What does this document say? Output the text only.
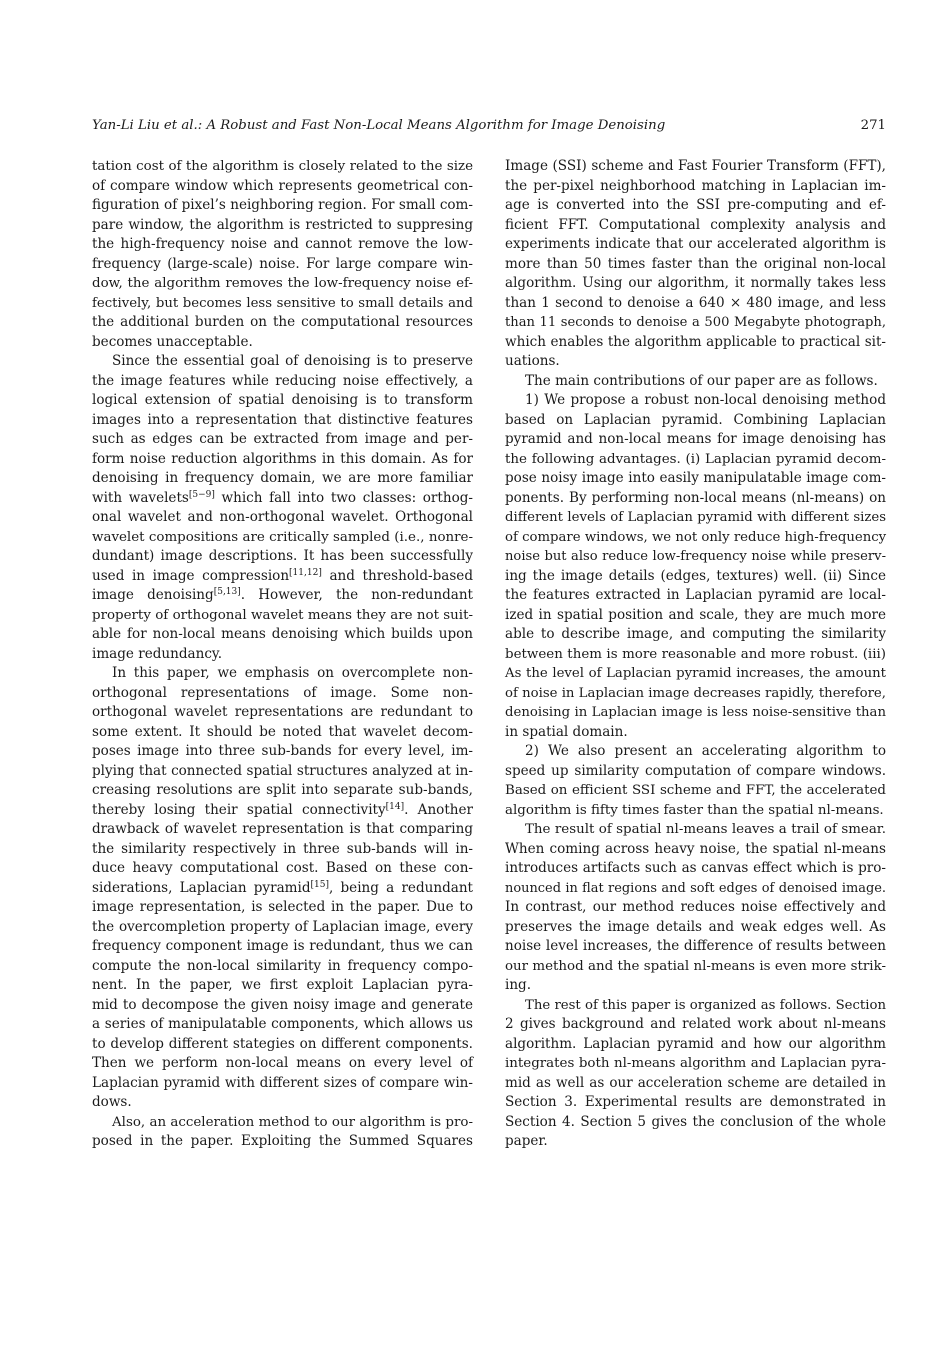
Yan-Li Liu et al.: A Robust and Fast Non-Local Means Algorithm for Image Denoising	271
tation cost of the algorithm is closely related to the size
of compare window which represents geometrical con-
figuration of pixel’s neighboring region. For small com-
pare window, the algorithm is restricted to suppresing
the high-frequency noise and cannot remove the low-
frequency (large-scale) noise. For large compare win-
dow, the algorithm removes the low-frequency noise ef-
fectively, but becomes less sensitive to small details and
the additional burden on the computational resources
becomes unacceptable.
Since the essential goal of denoising is to preserve
the image features while reducing noise effectively, a
logical extension of spatial denoising is to transform
images into a representation that distinctive features
such as edges can be extracted from image and per-
form noise reduction algorithms in this domain. As for
denoising in frequency domain, we are more familiar
with wavelets[5−9] which fall into two classes: orthog-
onal wavelet and non-orthogonal wavelet. Orthogonal
wavelet compositions are critically sampled (i.e., nonre-
dundant) image descriptions. It has been successfully
used in image compression[11,12] and threshold-based
image denoising[5,13]. However, the non-redundant
property of orthogonal wavelet means they are not suit-
able for non-local means denoising which builds upon
image redundancy.
In this paper, we emphasis on overcomplete non-
orthogonal representations of image. Some non-
orthogonal wavelet representations are redundant to
some extent. It should be noted that wavelet decom-
poses image into three sub-bands for every level, im-
plying that connected spatial structures analyzed at in-
creasing resolutions are split into separate sub-bands,
thereby losing their spatial connectivity[14]. Another
drawback of wavelet representation is that comparing
the similarity respectively in three sub-bands will in-
duce heavy computational cost. Based on these con-
siderations, Laplacian pyramid[15], being a redundant
image representation, is selected in the paper. Due to
the overcompletion property of Laplacian image, every
frequency component image is redundant, thus we can
compute the non-local similarity in frequency compo-
nent. In the paper, we first exploit Laplacian pyra-
mid to decompose the given noisy image and generate
a series of manipulatable components, which allows us
to develop different stategies on different components.
Then we perform non-local means on every level of
Laplacian pyramid with different sizes of compare win-
dows.
Also, an acceleration method to our algorithm is pro-
posed in the paper. Exploiting the Summed Squares
Image (SSI) scheme and Fast Fourier Transform (FFT),
the per-pixel neighborhood matching in Laplacian im-
age is converted into the SSI pre-computing and ef-
ficient FFT. Computational complexity analysis and
experiments indicate that our accelerated algorithm is
more than 50 times faster than the original non-local
algorithm. Using our algorithm, it normally takes less
than 1 second to denoise a 640 × 480 image, and less
than 11 seconds to denoise a 500 Megabyte photograph,
which enables the algorithm applicable to practical sit-
uations.
The main contributions of our paper are as follows.
1) We propose a robust non-local denoising method
based on Laplacian pyramid. Combining Laplacian
pyramid and non-local means for image denoising has
the following advantages. (i) Laplacian pyramid decom-
pose noisy image into easily manipulatable image com-
ponents. By performing non-local means (nl-means) on
different levels of Laplacian pyramid with different sizes
of compare windows, we not only reduce high-frequency
noise but also reduce low-frequency noise while preserv-
ing the image details (edges, textures) well. (ii) Since
the features extracted in Laplacian pyramid are local-
ized in spatial position and scale, they are much more
able to describe image, and computing the similarity
between them is more reasonable and more robust. (iii)
As the level of Laplacian pyramid increases, the amount
of noise in Laplacian image decreases rapidly, therefore,
denoising in Laplacian image is less noise-sensitive than
in spatial domain.
2) We also present an accelerating algorithm to
speed up similarity computation of compare windows.
Based on efficient SSI scheme and FFT, the accelerated
algorithm is fifty times faster than the spatial nl-means.
The result of spatial nl-means leaves a trail of smear.
When coming across heavy noise, the spatial nl-means
introduces artifacts such as canvas effect which is pro-
nounced in flat regions and soft edges of denoised image.
In contrast, our method reduces noise effectively and
preserves the image details and weak edges well. As
noise level increases, the difference of results between
our method and the spatial nl-means is even more strik-
ing.
The rest of this paper is organized as follows. Section
2 gives background and related work about nl-means
algorithm. Laplacian pyramid and how our algorithm
integrates both nl-means algorithm and Laplacian pyra-
mid as well as our acceleration scheme are detailed in
Section 3. Experimental results are demonstrated in
Section 4. Section 5 gives the conclusion of the whole
paper.
